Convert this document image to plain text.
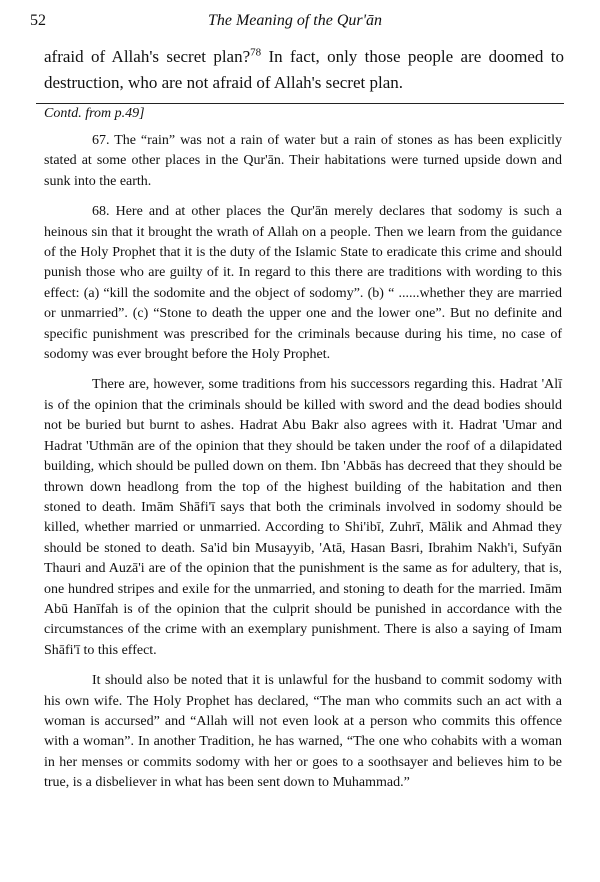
52	The Meaning of the Qur'ān

afraid of Allah's secret plan?$^{78}$ In fact, only those people are doomed to destruction, who are not afraid of Allah's secret plan.

Contd. from p.49]

67. The “rain” was not a rain of water but a rain of stones as has been explicitly stated at some other places in the Qur'ān. Their habitations were turned upside down and sunk into the earth.

68. Here and at other places the Qur'ān merely declares that sodomy is such a heinous sin that it brought the wrath of Allah on a people. Then we learn from the guidance of the Holy Prophet that it is the duty of the Islamic State to eradicate this crime and should punish those who are guilty of it. In regard to this there are traditions with wording to this effect: (a) “kill the sodomite and the object of sodomy”. (b) “ ......whether they are married or unmarried”. (c) “Stone to death the upper one and the lower one”. But no definite and specific punishment was prescribed for the criminals because during his time, no case of sodomy was ever brought before the Holy Prophet.

There are, however, some traditions from his successors regarding this. Hadrat 'Alī is of the opinion that the criminals should be killed with sword and the dead bodies should not be buried but burnt to ashes. Hadrat Abu Bakr also agrees with it. Hadrat 'Umar and Hadrat 'Uthmān are of the opinion that they should be taken under the roof of a dilapidated building, which should be pulled down on them. Ibn 'Abbās has decreed that they should be thrown down headlong from the top of the highest building of the habitation and then stoned to death. Imām Shāfi'ī says that both the criminals involved in sodomy should be killed, whether married or unmarried. According to Shi'ibī, Zuhrī, Mālik and Ahmad they should be stoned to death. Sa'id bin Musayyib, 'Atā, Hasan Basri, Ibrahim Nakh'i, Sufyān Thauri and Auzā'i are of the opinion that the punishment is the same as for adultery, that is, one hundred stripes and exile for the unmarried, and stoning to death for the married. Imām Abū Hanīfah is of the opinion that the culprit should be punished in accordance with the circumstances of the crime with an exemplary punishment. There is also a saying of Imam Shāfi'ī to this effect.

It should also be noted that it is unlawful for the husband to commit sodomy with his own wife. The Holy Prophet has declared, “The man who commits such an act with a woman is accursed” and “Allah will not even look at a person who commits this offence with a woman”. In another Tradition, he has warned, “The one who cohabits with a woman in her menses or commits sodomy with her or goes to a soothsayer and believes him to be true, is a disbeliever in what has been sent down to Muhammad.”
